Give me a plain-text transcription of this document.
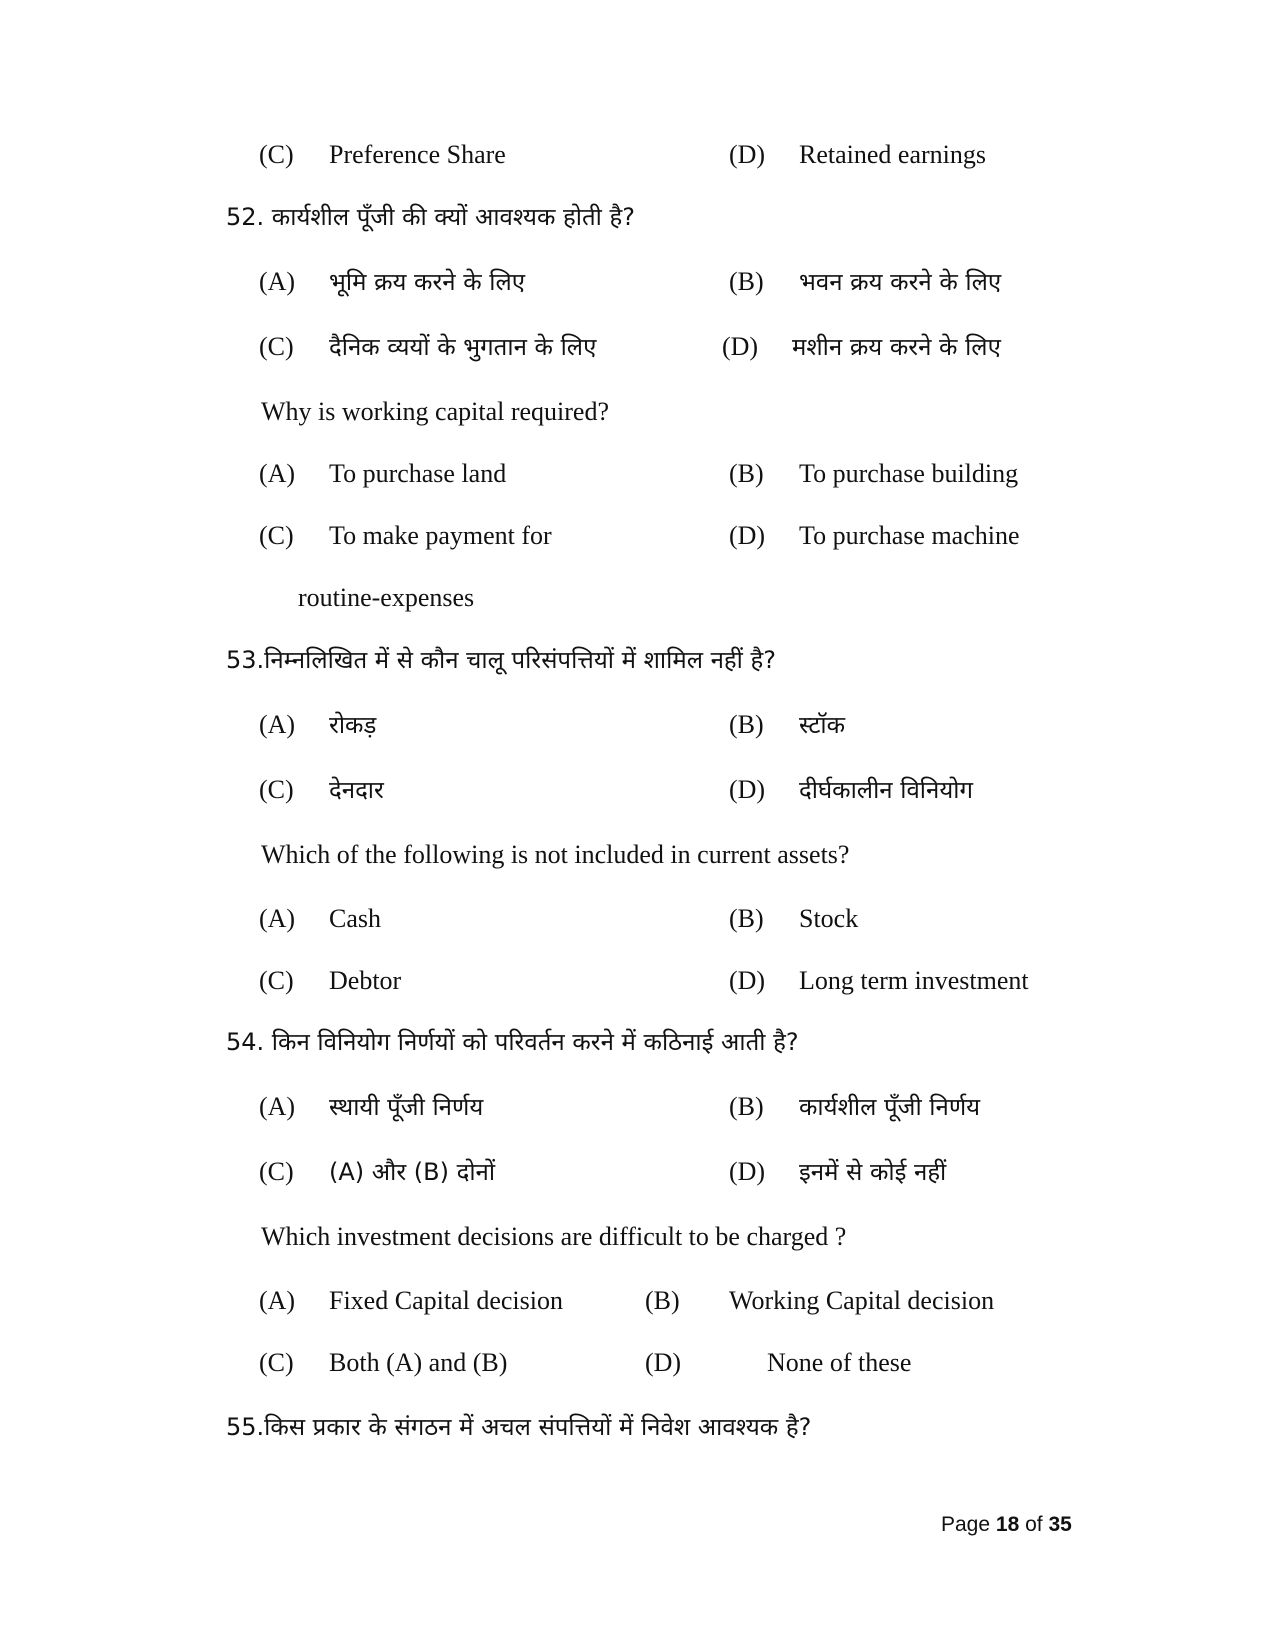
(C) Preference Share	(D) Retained earnings
52. कार्यशील पूँजी की क्यों आवश्यक होती है?
(A) भूमि क्रय करने के लिए	(B) भवन क्रय करने के लिए
(C) दैनिक व्ययों के भुगतान के लिए	(D) मशीन क्रय करने के लिए
Why is working capital required?
(A) To purchase land	(B) To purchase building
(C) To make payment for	(D) To purchase machine
routine-expenses
53.निम्नलिखित में से कौन चालू परिसंपत्तियों में शामिल नहीं है?
(A) रोकड़	(B) स्टॉक
(C) देनदार	(D) दीर्घकालीन विनियोग
Which of the following is not included in current assets?
(A) Cash	(B) Stock
(C) Debtor	(D) Long term investment
54. किन विनियोग निर्णयों को परिवर्तन करने में कठिनाई आती है?
(A) स्थायी पूँजी निर्णय	(B) कार्यशील पूँजी निर्णय
(C) (A) और (B) दोनों	(D) इनमें से कोई नहीं
Which investment decisions are difficult to be charged ?
(A) Fixed Capital decision	(B) Working Capital decision
(C) Both (A) and (B)	(D)	None of these
55.किस प्रकार के संगठन में अचल संपत्तियों में निवेश आवश्यक है?
Page 18 of 35
